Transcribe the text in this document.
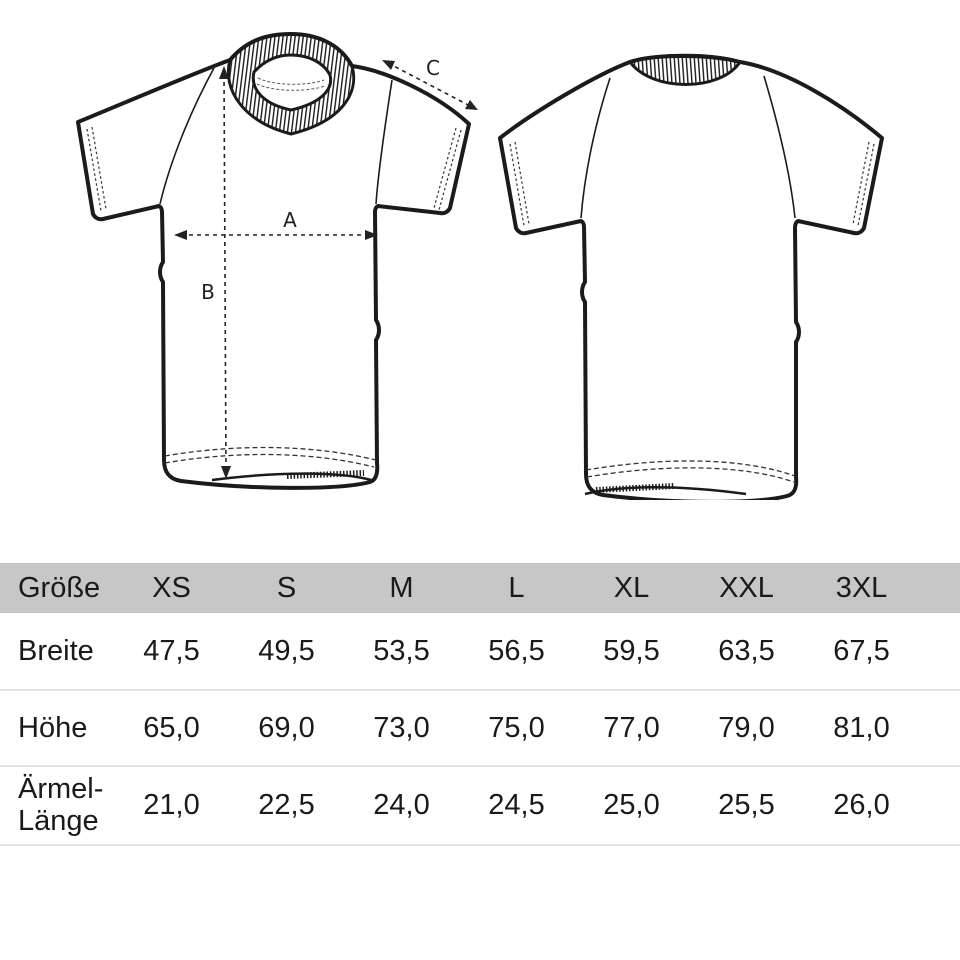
B
A
C
Größe	XS	S	M	L	XL	XXL	3XL
Breite	47,5	49,5	53,5	56,5	59,5	63,5	67,5
Höhe	65,0	69,0	73,0	75,0	77,0	79,0	81,0
Ärmel-
Länge	21,0	22,5	24,0	24,5	25,0	25,5	26,0
